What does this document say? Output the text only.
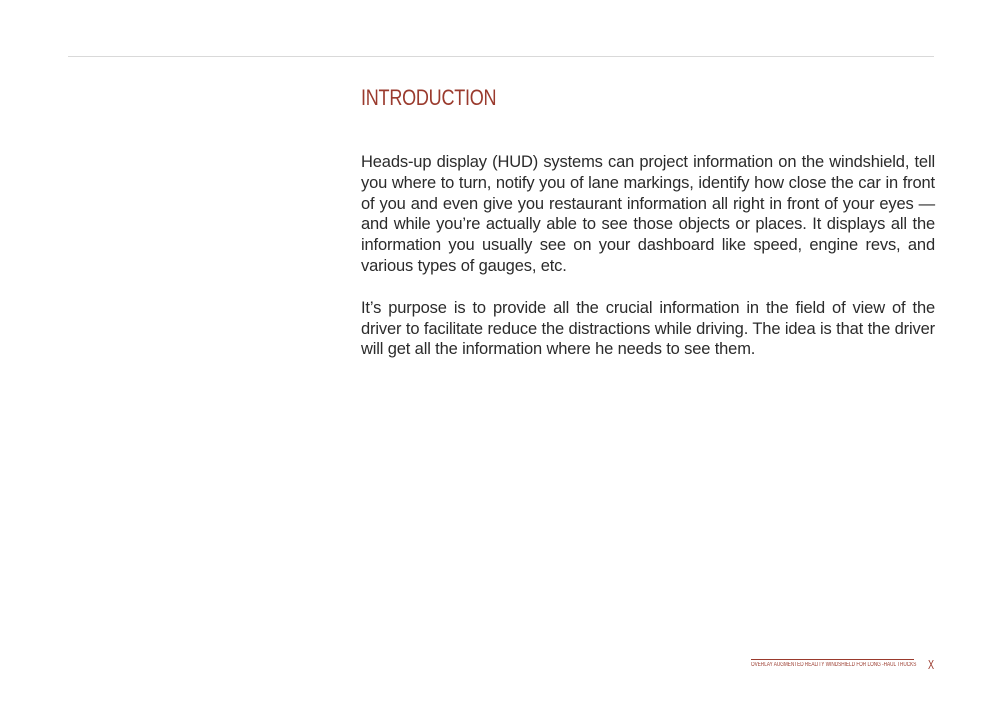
INTRODUCTION

Heads-up display (HUD) systems can project information on the windshield, tell you where to turn, notify you of lane markings, identify how close the car in front of you and even give you restaurant information all right in front of your eyes — and while you’re actually able to see those objects or places. It displays all the information you usually see on your dashboard like speed, engine revs, and various types of gauges, etc.

It’s purpose is to provide all the crucial information in the field of view of the driver to facilitate reduce the distractions while driving. The idea is that the driver will get all the information where he needs to see them.

OVERLAY AUGMENTED REALITY WINDSHIELD FOR LONG -HAUL TRUCKS X
